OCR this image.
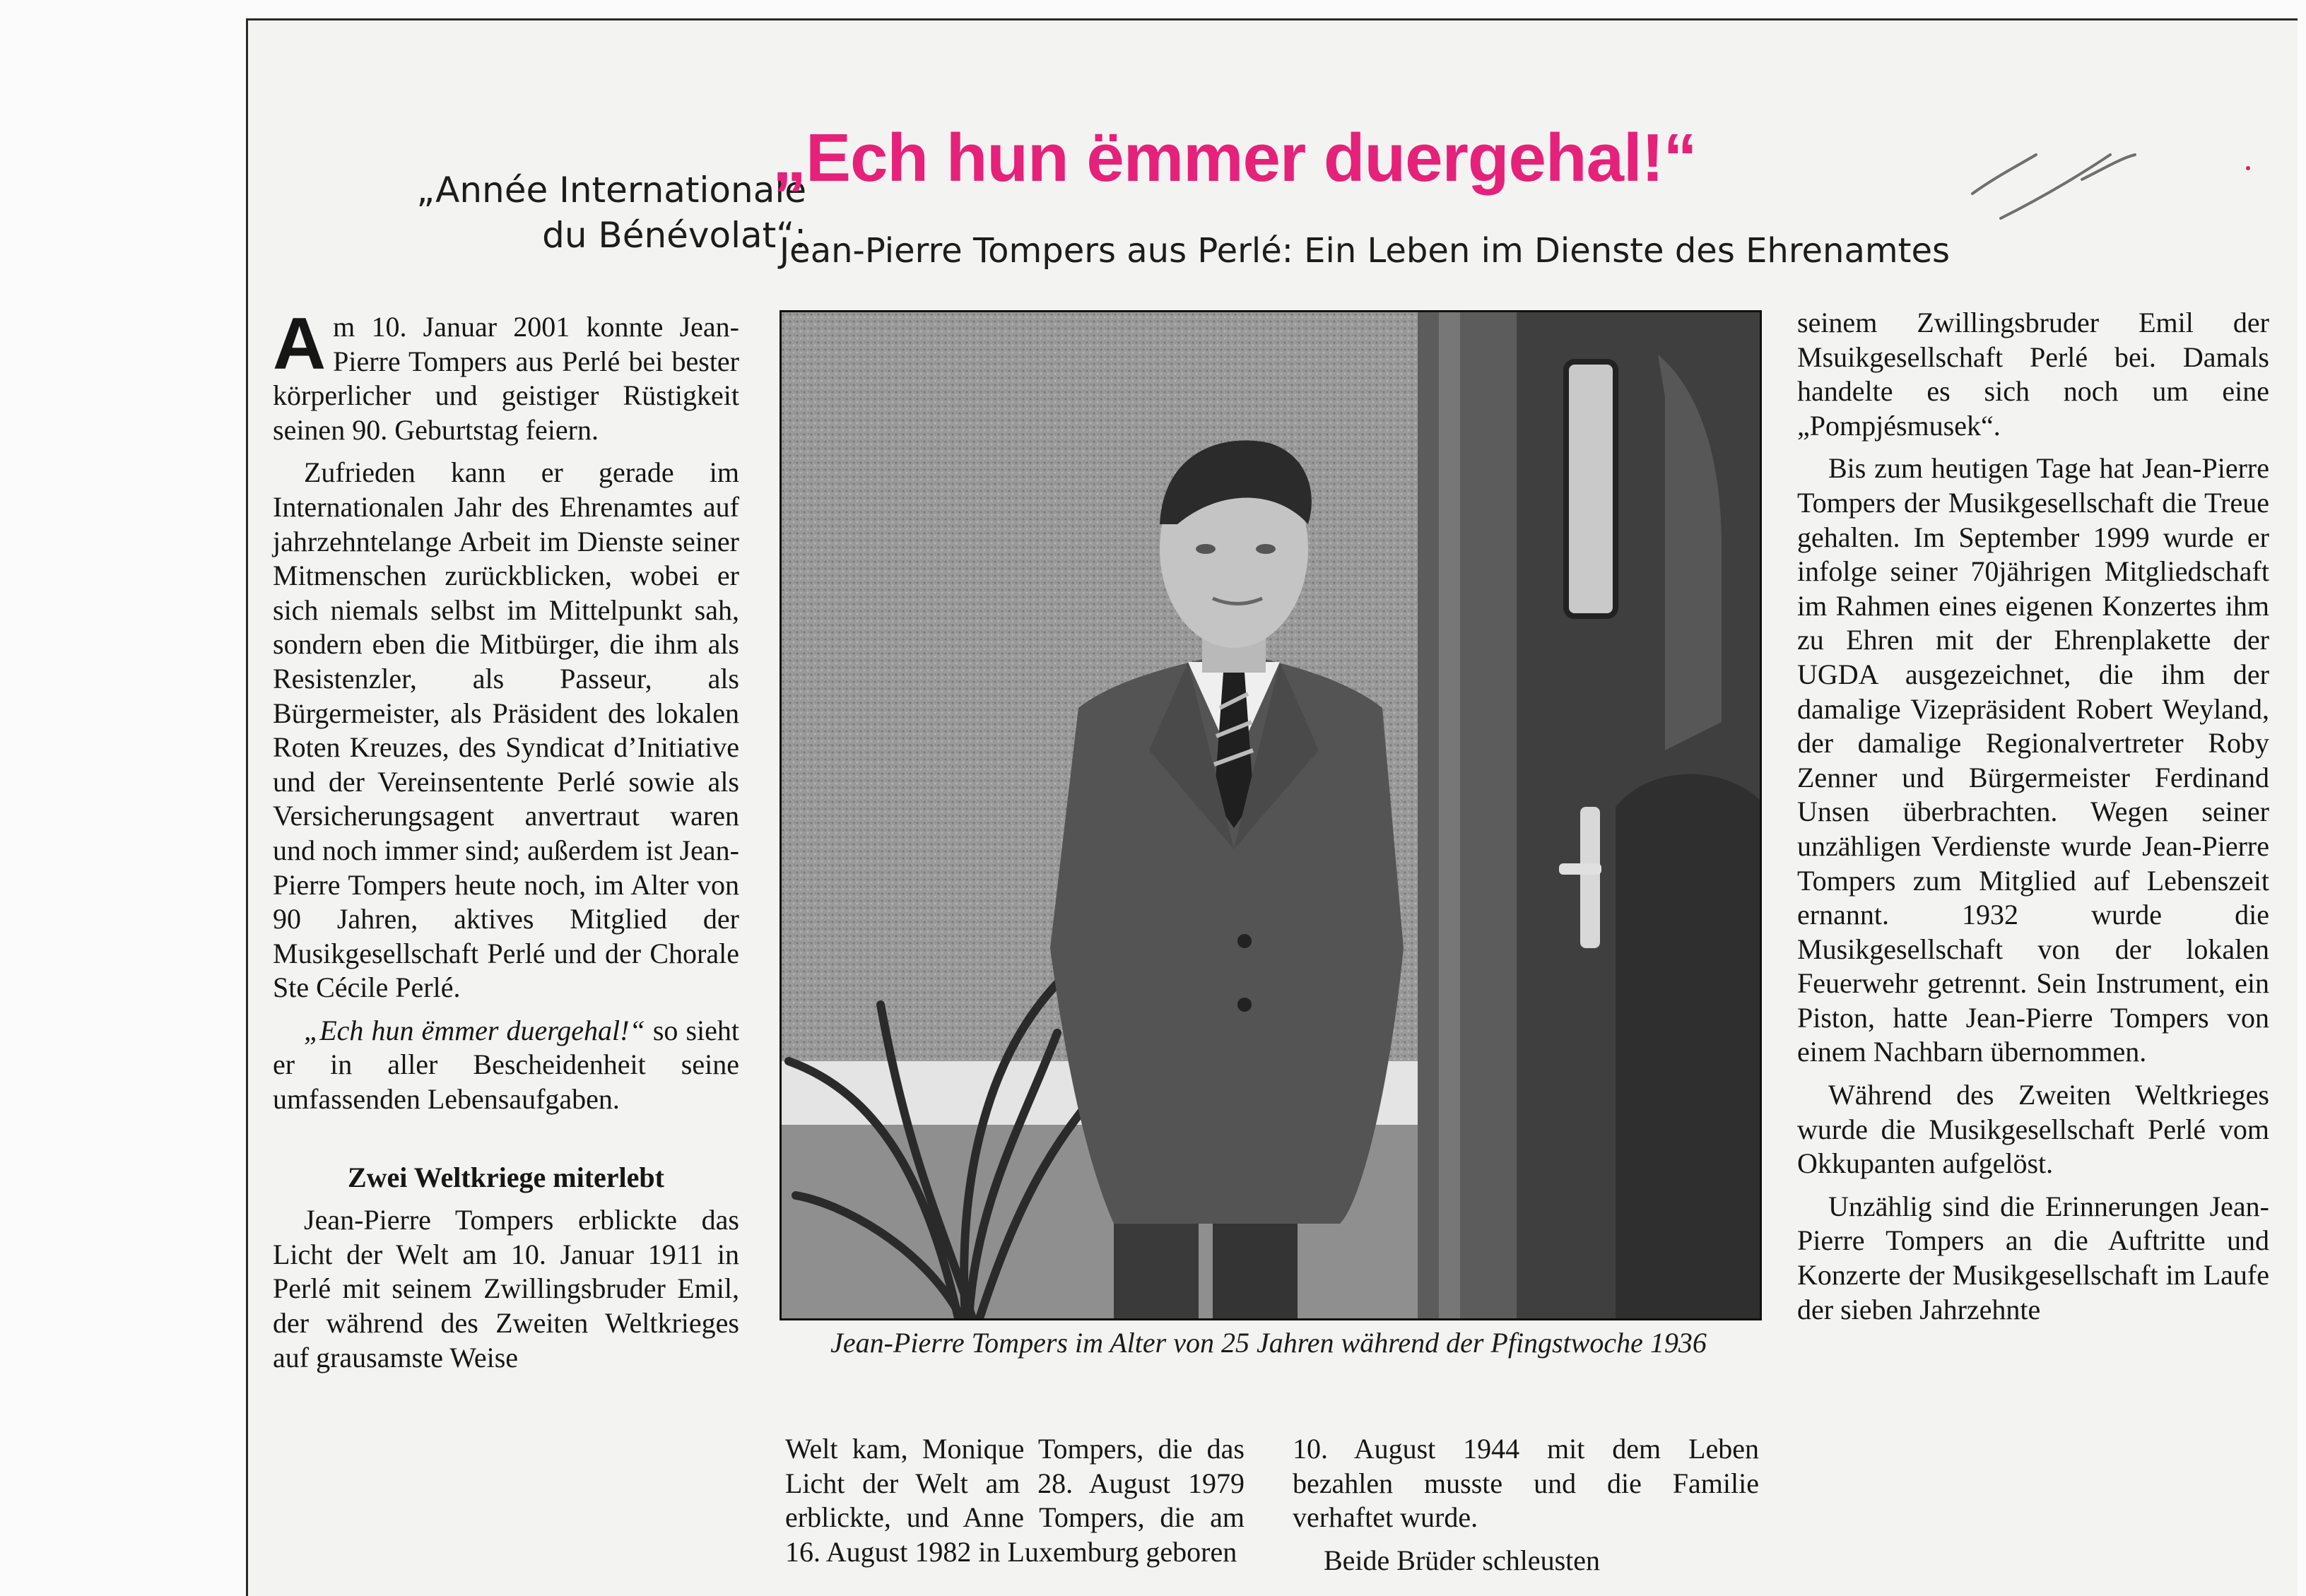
„Année Internationale
du Bénévolat“:
„Ech hun ëmmer duergehal!“
Jean-Pierre Tompers aus Perlé: Ein Leben im Dienste des Ehrenamtes

Am 10. Januar 2001 konnte Jean-Pierre Tompers aus Perlé bei bester körperlicher und geistiger Rüstigkeit seinen 90. Geburtstag feiern.

Zufrieden kann er gerade im Internationalen Jahr des Ehrenamtes auf jahrzehntelange Arbeit im Dienste seiner Mitmenschen zurückblicken, wobei er sich niemals selbst im Mittelpunkt sah, sondern eben die Mitbürger, die ihm als Resistenzler, als Passeur, als Bürgermeister, als Präsident des lokalen Roten Kreuzes, des Syndicat d’Initiative und der Vereinsentente Perlé sowie als Versicherungsagent anvertraut waren und noch immer sind; außerdem ist Jean-Pierre Tompers heute noch, im Alter von 90 Jahren, aktives Mitglied der Musikgesellschaft Perlé und der Chorale Ste Cécile Perlé.

„Ech hun ëmmer duergehal!“ so sieht er in aller Bescheidenheit seine umfassenden Lebensaufgaben.

Zwei Weltkriege miterlebt

Jean-Pierre Tompers erblickte das Licht der Welt am 10. Januar 1911 in Perlé mit seinem Zwillingsbruder Emil, der während des Zweiten Weltkrieges auf grausamste Weise	Jean-Pierre Tompers im Alter von 25 Jahren während der Pfingstwoche 1936

Welt kam, Monique Tompers, die das Licht der Welt am 28. August 1979 erblickte, und Anne Tompers, die am 16. August 1982 in Luxemburg geboren

10. August 1944 mit dem Leben bezahlen musste und die Familie verhaftet wurde.

Beide Brüder schleusten

seinem Zwillingsbruder Emil der Msuikgesellschaft Perlé bei. Damals handelte es sich noch um eine „Pompjésmusek“.

Bis zum heutigen Tage hat Jean-Pierre Tompers der Musikgesellschaft die Treue gehalten. Im September 1999 wurde er infolge seiner 70jährigen Mitgliedschaft im Rahmen eines eigenen Konzertes ihm zu Ehren mit der Ehrenplakette der UGDA ausgezeichnet, die ihm der damalige Vizepräsident Robert Weyland, der damalige Regionalvertreter Roby Zenner und Bürgermeister Ferdinand Unsen überbrachten. Wegen seiner unzähligen Verdienste wurde Jean-Pierre Tompers zum Mitglied auf Lebenszeit ernannt. 1932 wurde die Musikgesellschaft von der lokalen Feuerwehr getrennt. Sein Instrument, ein Piston, hatte Jean-Pierre Tompers von einem Nachbarn übernommen.

Während des Zweiten Weltkrieges wurde die Musikgesellschaft Perlé vom Okkupanten aufgelöst.

Unzählig sind die Erinnerungen Jean-Pierre Tompers an die Auftritte und Konzerte der Musikgesellschaft im Laufe der sieben Jahrzehnte
